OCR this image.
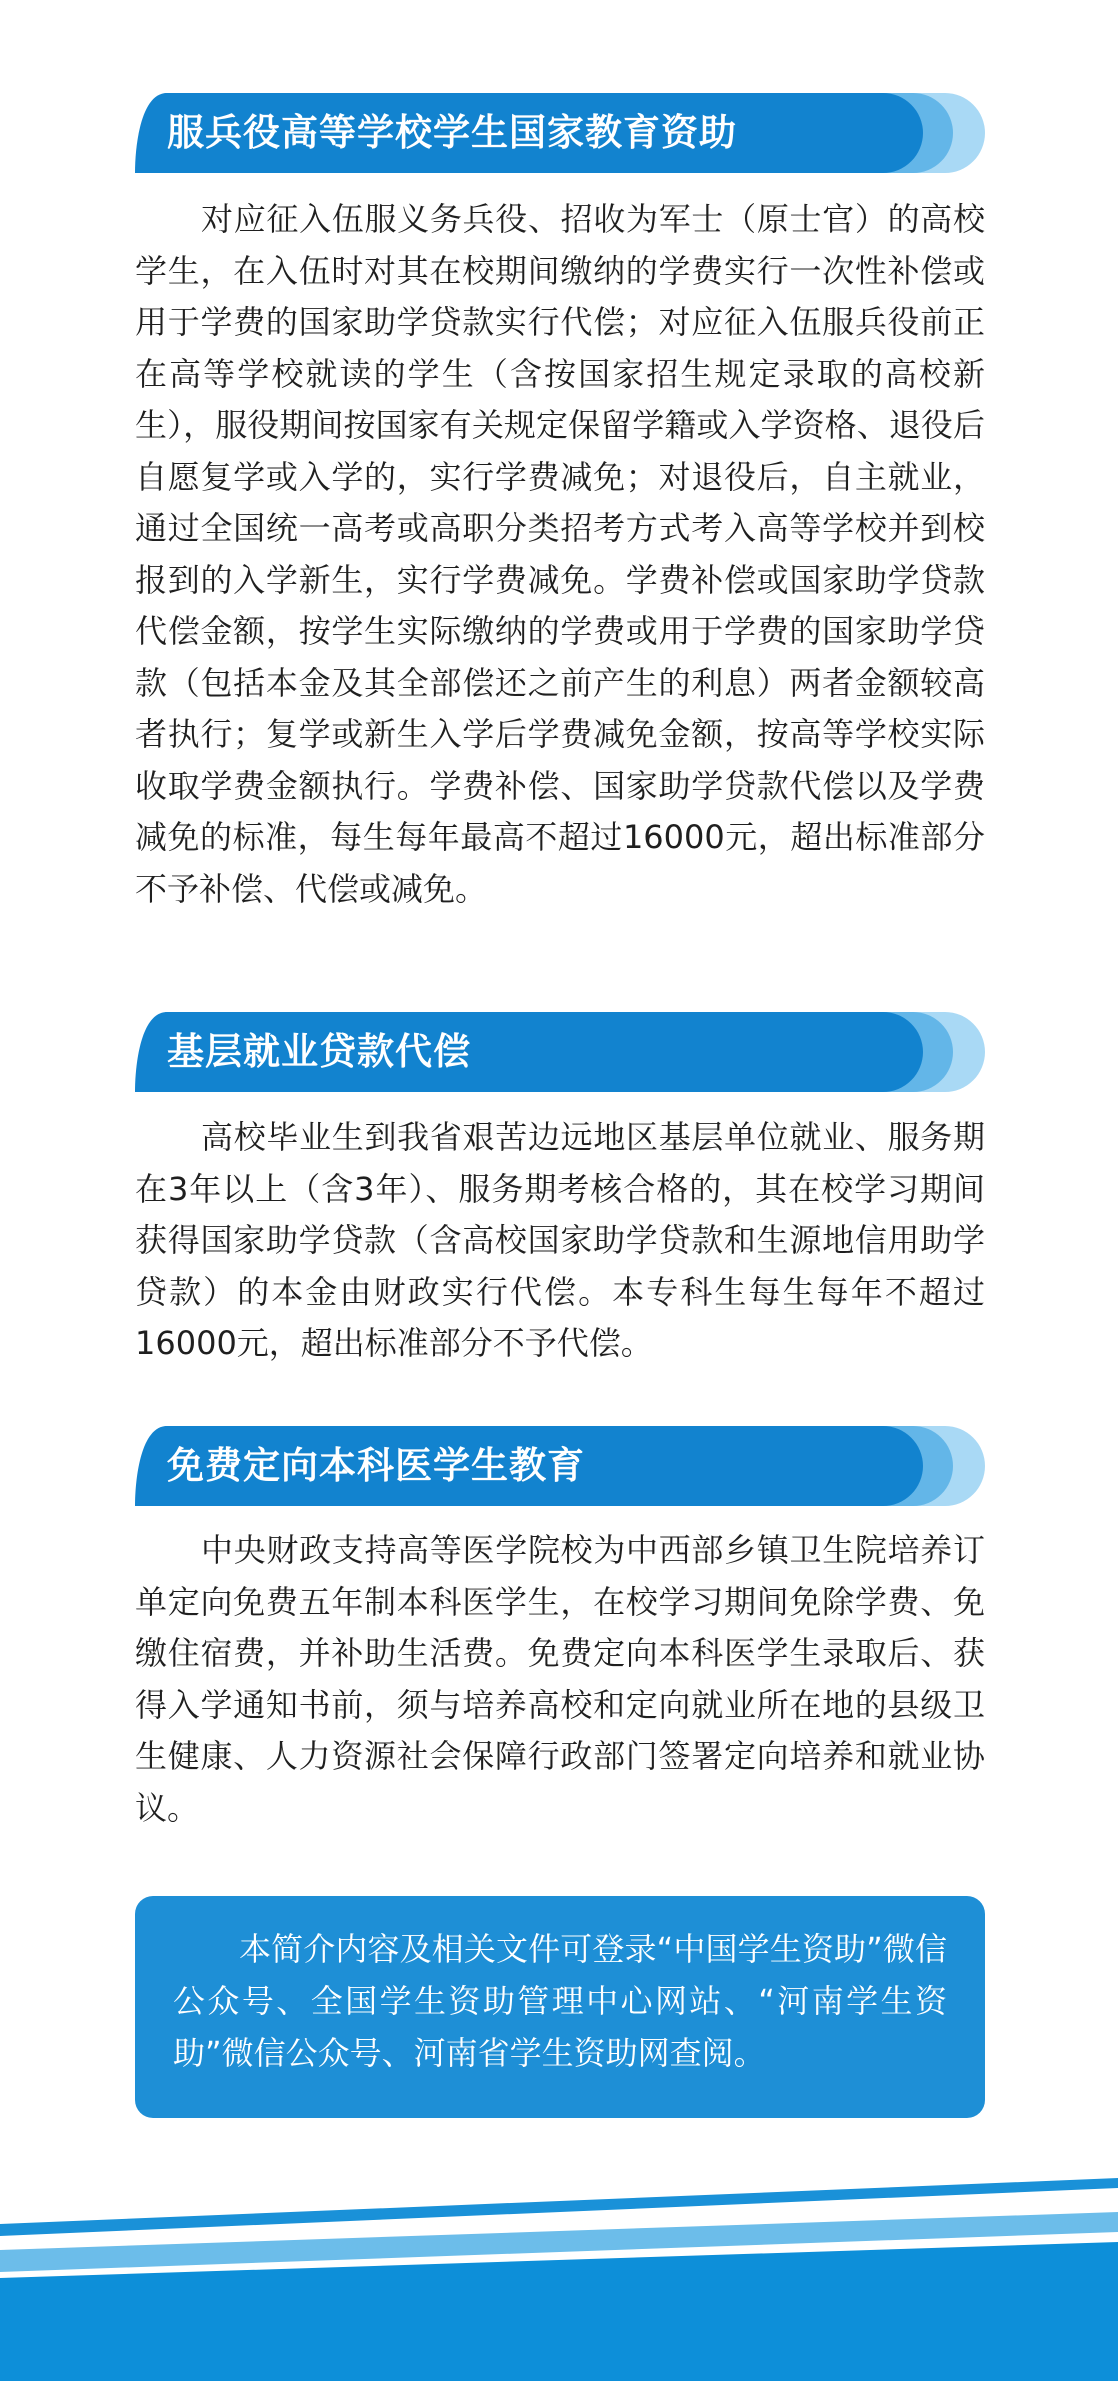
服兵役高等学校学生国家教育资助

对应征入伍服义务兵役、招收为军士（原士官）的高校学生，在入伍时对其在校期间缴纳的学费实行一次性补偿或用于学费的国家助学贷款实行代偿；对应征入伍服兵役前正在高等学校就读的学生（含按国家招生规定录取的高校新生），服役期间按国家有关规定保留学籍或入学资格、退役后自愿复学或入学的，实行学费减免；对退役后，自主就业，通过全国统一高考或高职分类招考方式考入高等学校并到校报到的入学新生，实行学费减免。学费补偿或国家助学贷款代偿金额，按学生实际缴纳的学费或用于学费的国家助学贷款（包括本金及其全部偿还之前产生的利息）两者金额较高者执行；复学或新生入学后学费减免金额，按高等学校实际收取学费金额执行。学费补偿、国家助学贷款代偿以及学费减免的标准，每生每年最高不超过16000元，超出标准部分不予补偿、代偿或减免。

基层就业贷款代偿

高校毕业生到我省艰苦边远地区基层单位就业、服务期在3年以上（含3年）、服务期考核合格的，其在校学习期间获得国家助学贷款（含高校国家助学贷款和生源地信用助学贷款）的本金由财政实行代偿。本专科生每生每年不超过16000元，超出标准部分不予代偿。

免费定向本科医学生教育

中央财政支持高等医学院校为中西部乡镇卫生院培养订单定向免费五年制本科医学生，在校学习期间免除学费、免缴住宿费，并补助生活费。免费定向本科医学生录取后、获得入学通知书前，须与培养高校和定向就业所在地的县级卫生健康、人力资源社会保障行政部门签署定向培养和就业协议。

本简介内容及相关文件可登录“中国学生资助”微信公众号、全国学生资助管理中心网站、“河南学生资助”微信公众号、河南省学生资助网查阅。
